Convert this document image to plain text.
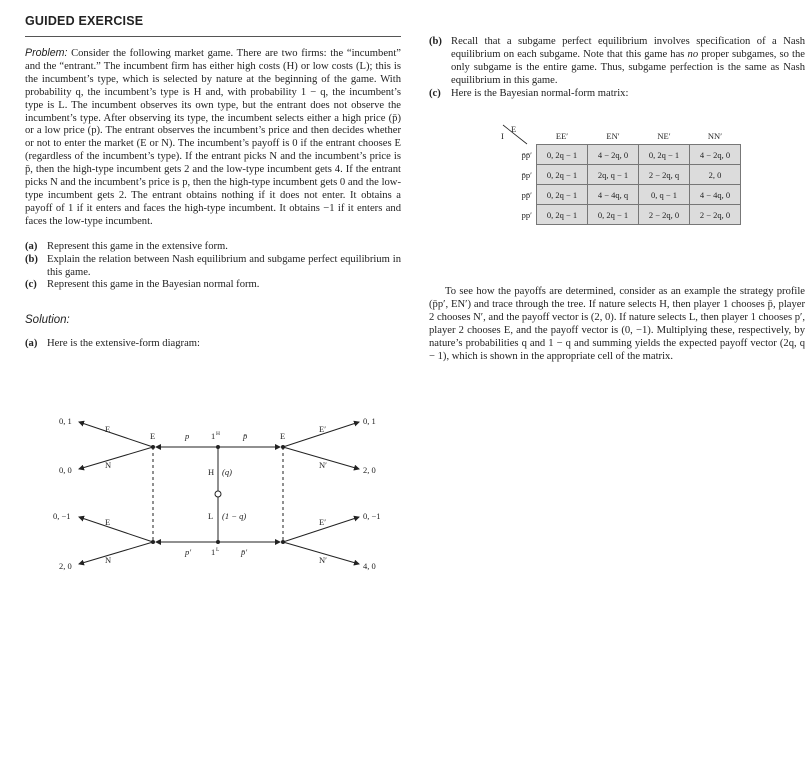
GUIDED EXERCISE

Problem: Consider the following market game. There are two firms: the “incumbent” and the “entrant.” The incumbent firm has either high costs (H) or low costs (L); this is the incumbent’s type, which is selected by nature at the beginning of the game. With probability q, the incumbent’s type is H and, with probability 1 − q, the incumbent’s type is L. The incumbent observes its own type, but the entrant does not observe the incumbent’s type. After observing its type, the incumbent selects either a high price (p̄) or a low price (p). The entrant observes the incumbent’s price and then decides whether or not to enter the market (E or N). The incumbent’s payoff is 0 if the entrant chooses E (regardless of the incumbent’s type). If the entrant picks N and the incumbent’s price is p̄, then the high-type incumbent gets 2 and the low-type incumbent gets 4. If the entrant picks N and the incumbent’s price is p, then the high-type incumbent gets 0 and the low-type incumbent gets 2. The entrant obtains nothing if it does not enter. It obtains a payoff of 1 if it enters and faces the high-type incumbent. It obtains −1 if it enters and faces the low-type incumbent.

(a) Represent this game in the extensive form.
(b) Explain the relation between Nash equilibrium and subgame perfect equilibrium in this game.
(c) Represent this game in the Bayesian normal form.
Solution:
(a) Here is the extensive-form diagram:
E	E
1 H
1 L
p	p̄
p′	p̄′
H (q)
L (1 − q)
E
N
E′
N′
E
N
E′
N′
0, 1
0, 0
0, 1
2, 0
0, −1
2, 0
0, −1
4, 0
(b) Recall that a subgame perfect equilibrium involves specification of a Nash equilibrium on each subgame. Note that this game has no proper subgames, so the only subgame is the entire game. Thus, subgame perfection is the same as Nash equilibrium in this game.
(c) Here is the Bayesian normal-form matrix:
E
I
		EE′	EN′	NE′	NN′
p̄p̄′	0, 2q − 1	4 − 2q, 0	0, 2q − 1	4 − 2q, 0
p̄p′	0, 2q − 1	2q, q − 1	2 − 2q, q	2, 0
pp̄′	0, 2q − 1	4 − 4q, q	0, q − 1	4 − 4q, 0
pp′	0, 2q − 1	0, 2q − 1	2 − 2q, 0	2 − 2q, 0

To see how the payoffs are determined, consider as an example the strategy profile (p̄p′, EN′) and trace through the tree. If nature selects H, then player 1 chooses p̄, player 2 chooses N′, and the payoff vector is (2, 0). If nature selects L, then player 1 chooses p′, player 2 chooses E, and the payoff vector is (0, −1). Multiplying these, respectively, by nature’s probabilities q and 1 − q and summing yields the expected payoff vector (2q, q − 1), which is shown in the appropriate cell of the matrix.
